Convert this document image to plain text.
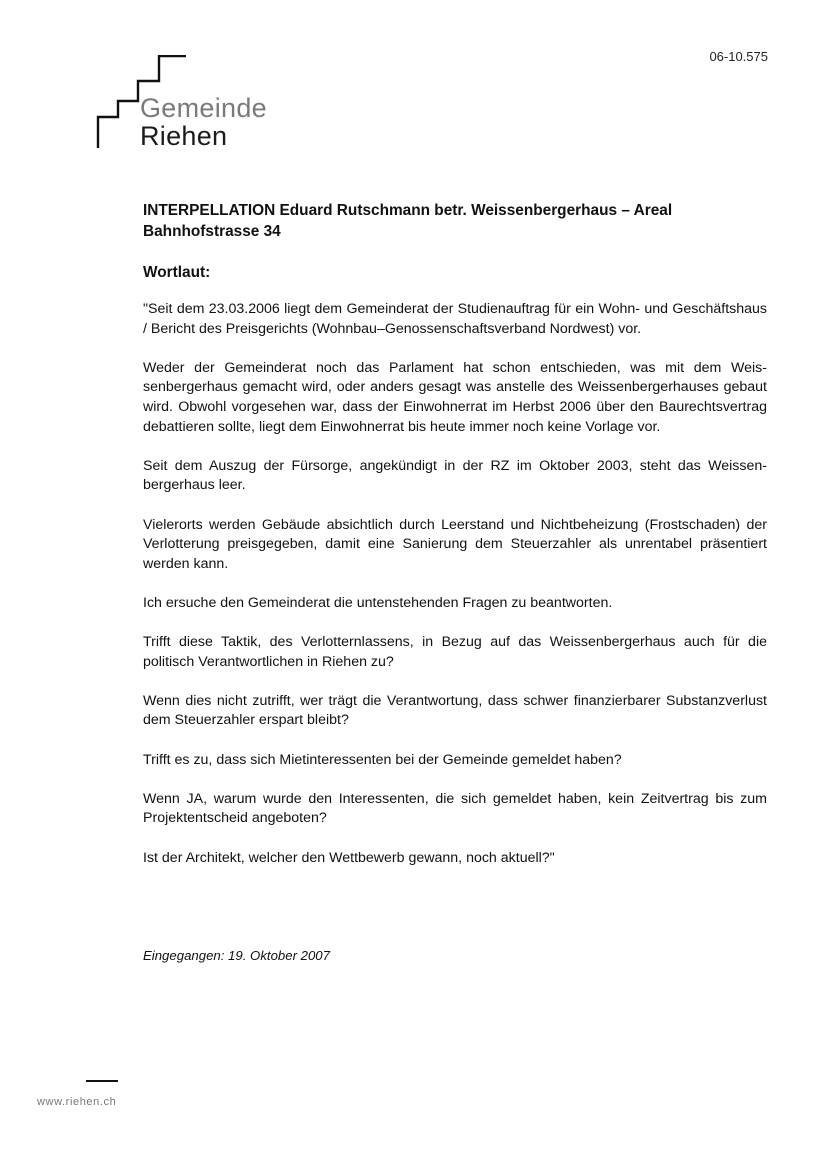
06-10.575
Gemeinde
Riehen
INTERPELLATION Eduard Rutschmann betr. Weissenbergerhaus – Areal
Bahnhofstrasse 34
Wortlaut:

"Seit dem 23.03.2006 liegt dem Gemeinderat der Studienauftrag für ein Wohn- und Geschäftshaus / Bericht des Preisgerichts (Wohnbau–Genossenschaftsverband Nordwest) vor.

Weder der Gemeinderat noch das Parlament hat schon entschieden, was mit dem Weissenbergerhaus gemacht wird, oder anders gesagt was anstelle des Weissenbergerhauses gebaut wird. Obwohl vorgesehen war, dass der Einwohnerrat im Herbst 2006 über den Baurechtsvertrag debattieren sollte, liegt dem Einwohnerrat bis heute immer noch keine Vorlage vor.

Seit dem Auszug der Fürsorge, angekündigt in der RZ im Oktober 2003, steht das Weissenbergerhaus leer.

Vielerorts werden Gebäude absichtlich durch Leerstand und Nichtbeheizung (Frostschaden) der Verlotterung preisgegeben, damit eine Sanierung dem Steuerzahler als unrentabel präsentiert werden kann.

Ich ersuche den Gemeinderat die untenstehenden Fragen zu beantworten.

Trifft diese Taktik, des Verlotternlassens, in Bezug auf das Weissenbergerhaus auch für die politisch Verantwortlichen in Riehen zu?

Wenn dies nicht zutrifft, wer trägt die Verantwortung, dass schwer finanzierbarer Substanzverlust dem Steuerzahler erspart bleibt?

Trifft es zu, dass sich Mietinteressenten bei der Gemeinde gemeldet haben?

Wenn JA, warum wurde den Interessenten, die sich gemeldet haben, kein Zeitvertrag bis zum Projektentscheid angeboten?

Ist der Architekt, welcher den Wettbewerb gewann, noch aktuell?"

Eingegangen: 19. Oktober 2007
www.riehen.ch
